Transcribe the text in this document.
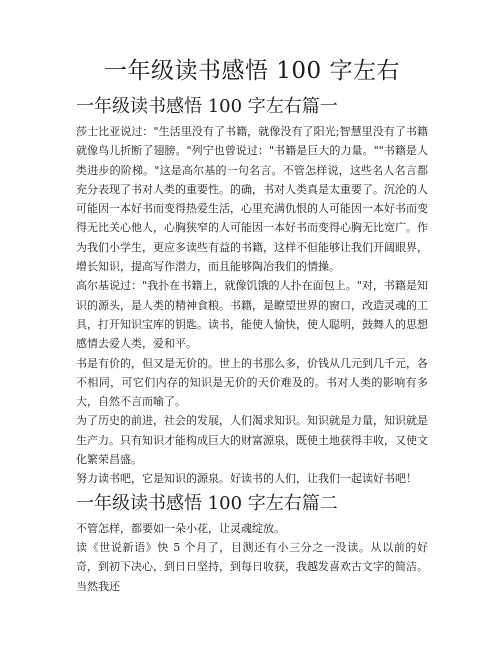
一年级读书感悟 100 字左右
一年级读书感悟 100 字左右篇一

莎士比亚说过："生活里没有了书籍，就像没有了阳光;智慧里没有了书籍就像鸟儿折断了翅膀。"列宁也曾说过："书籍是巨大的力量。""书籍是人类进步的阶梯。"这是高尔基的一句名言。不管怎样说，这些名人名言都充分表现了书对人类的重要性。的确，书对人类真是太重要了。沉沦的人可能因一本好书而变得热爱生活，心里充满仇恨的人可能因一本好书而变得无比关心他人，心胸狭窄的人可能因一本好书而变得心胸无比宽广。作为我们小学生，更应多读些有益的书籍，这样不但能够让我们开阔眼界，增长知识，提高写作潜力，而且能够陶冶我们的情操。

高尔基说过："我扑在书籍上，就像饥饿的人扑在面包上。"对，书籍是知识的源头，是人类的精神食粮。书籍，是瞭望世界的窗口，改造灵魂的工具，打开知识宝库的钥匙。读书，能使人愉快，使人聪明，鼓舞人的思想感情去爱人类，爱和平。

书是有价的，但又是无价的。世上的书那么多，价钱从几元到几千元，各不相同，可它们内存的知识是无价的天价难及的。书对人类的影响有多大，自然不言而喻了。

为了历史的前进，社会的发展，人们渴求知识。知识就是力量，知识就是生产力。只有知识才能构成巨大的财富源泉，既使土地获得丰收，又使文化繁荣昌盛。

努力读书吧，它是知识的源泉。好读书的人们，让我们一起读好书吧！

一年级读书感悟 100 字左右篇二

不管怎样，都要如一朵小花，让灵魂绽放。

读《世说新语》快 5 个月了，目测还有小三分之一没读。从以前的好奇，到初下决心，到日日坚持，到每日收获，我越发喜欢古文字的简洁。当然我还
